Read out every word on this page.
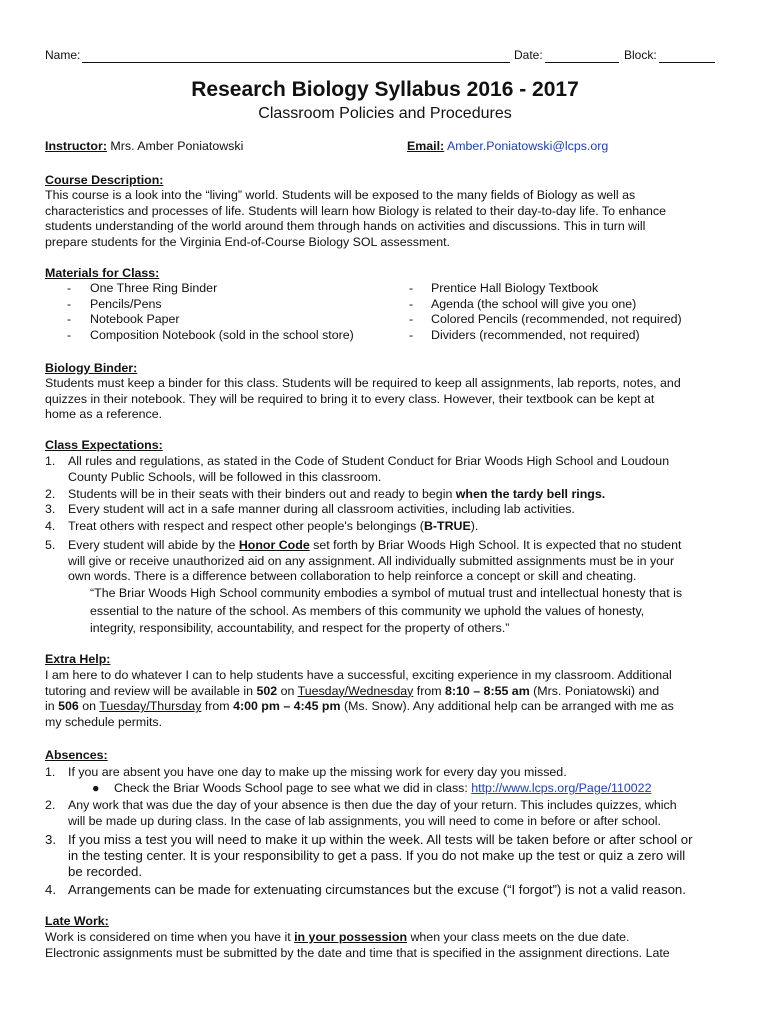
Name:	Date:	Block:
Research Biology Syllabus 2016 - 2017
Classroom Policies and Procedures
Instructor: Mrs. Amber Poniatowski	Email: Amber.Poniatowski@lcps.org
Course Description:
This course is a look into the “living” world. Students will be exposed to the many fields of Biology as well as
characteristics and processes of life. Students will learn how Biology is related to their day-to-day life. To enhance
students understanding of the world around them through hands on activities and discussions. This in turn will
prepare students for the Virginia End-of-Course Biology SOL assessment.
Materials for Class:
- One Three Ring Binder
- Pencils/Pens
- Notebook Paper
- Composition Notebook (sold in the school store)
- Prentice Hall Biology Textbook
- Agenda (the school will give you one)
- Colored Pencils (recommended, not required)
- Dividers (recommended, not required)
Biology Binder:
Students must keep a binder for this class. Students will be required to keep all assignments, lab reports, notes, and
quizzes in their notebook. They will be required to bring it to every class. However, their textbook can be kept at
home as a reference.
Class Expectations:
1.	All rules and regulations, as stated in the Code of Student Conduct for Briar Woods High School and Loudoun
County Public Schools, will be followed in this classroom.
2.	Students will be in their seats with their binders out and ready to begin when the tardy bell rings.
3.	Every student will act in a safe manner during all classroom activities, including lab activities.
4.	Treat others with respect and respect other people's belongings (B-TRUE).
5.	Every student will abide by the Honor Code set forth by Briar Woods High School. It is expected that no student
will give or receive unauthorized aid on any assignment. All individually submitted assignments must be in your
own words. There is a difference between collaboration to help reinforce a concept or skill and cheating.
“The Briar Woods High School community embodies a symbol of mutual trust and intellectual honesty that is
essential to the nature of the school. As members of this community we uphold the values of honesty,
integrity, responsibility, accountability, and respect for the property of others.”
Extra Help:
I am here to do whatever I can to help students have a successful, exciting experience in my classroom. Additional
tutoring and review will be available in 502 on Tuesday/Wednesday from 8:10 – 8:55 am (Mrs. Poniatowski) and
in 506 on Tuesday/Thursday from 4:00 pm – 4:45 pm (Ms. Snow). Any additional help can be arranged with me as
my schedule permits.
Absences:
1.	If you are absent you have one day to make up the missing work for every day you missed.
● Check the Briar Woods School page to see what we did in class: http://www.lcps.org/Page/110022
2.	Any work that was due the day of your absence is then due the day of your return. This includes quizzes, which
will be made up during class. In the case of lab assignments, you will need to come in before or after school.
3. If you miss a test you will need to make it up within the week. All tests will be taken before or after school or
in the testing center. It is your responsibility to get a pass. If you do not make up the test or quiz a zero will
be recorded.
4. Arrangements can be made for extenuating circumstances but the excuse (“I forgot”) is not a valid reason.
Late Work:
Work is considered on time when you have it in your possession when your class meets on the due date.
Electronic assignments must be submitted by the date and time that is specified in the assignment directions. Late
